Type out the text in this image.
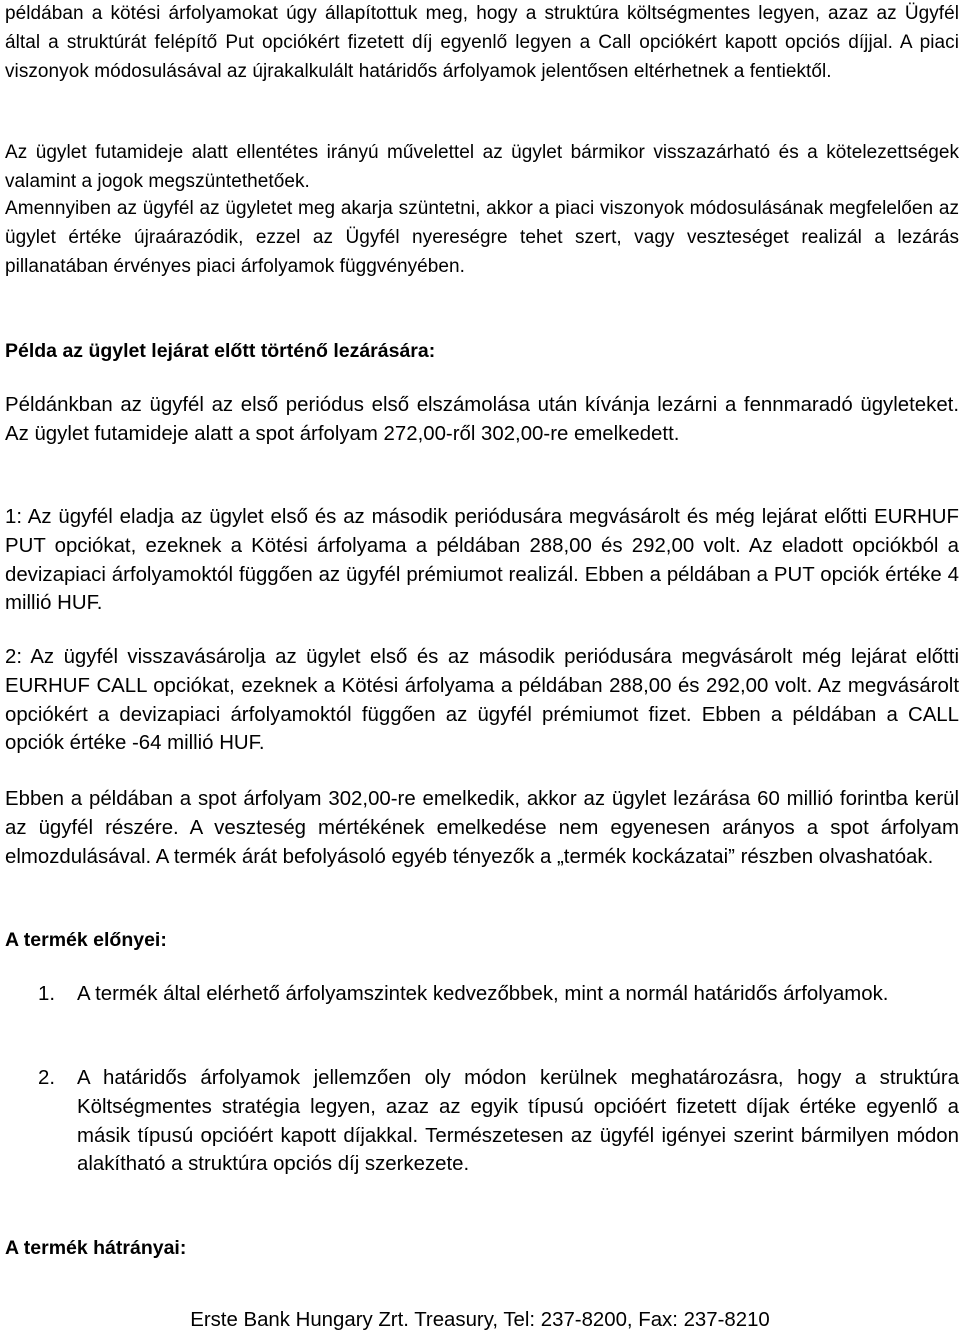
példában a kötési árfolyamokat úgy állapítottuk meg, hogy a struktúra költségmentes legyen, azaz az Ügyfél által a struktúrát felépítő Put opciókért fizetett díj egyenlő legyen a Call opciókért kapott opciós díjjal. A piaci viszonyok módosulásával az újrakalkulált határidős árfolyamok jelentősen eltérhetnek a fentiektől.

Az ügylet futamideje alatt ellentétes irányú művelettel az ügylet bármikor visszazárható és a kötelezettségek valamint a jogok megszüntethetőek.

Amennyiben az ügyfél az ügyletet meg akarja szüntetni, akkor a piaci viszonyok módosulásának megfelelően az ügylet értéke újraárazódik, ezzel az Ügyfél nyereségre tehet szert, vagy veszteséget realizál a lezárás pillanatában érvényes piaci árfolyamok függvényében.

Példa az ügylet lejárat előtt történő lezárására:

Példánkban az ügyfél az első periódus első elszámolása után kívánja lezárni a fennmaradó ügyleteket. Az ügylet futamideje alatt a spot árfolyam 272,00-ről 302,00-re emelkedett.

1: Az ügyfél eladja az ügylet első és az második periódusára megvásárolt és még lejárat előtti EURHUF PUT opciókat, ezeknek a Kötési árfolyama a példában 288,00 és 292,00 volt. Az eladott opciókból a devizapiaci árfolyamoktól függően az ügyfél prémiumot realizál. Ebben a példában a PUT opciók értéke 4 millió HUF.

2: Az ügyfél visszavásárolja az ügylet első és az második periódusára megvásárolt még lejárat előtti EURHUF CALL opciókat, ezeknek a Kötési árfolyama a példában 288,00 és 292,00 volt. Az megvásárolt opciókért a devizapiaci árfolyamoktól függően az ügyfél prémiumot fizet. Ebben a példában a CALL opciók értéke -64 millió HUF.

Ebben a példában a spot árfolyam 302,00-re emelkedik, akkor az ügylet lezárása 60 millió forintba kerül az ügyfél részére. A veszteség mértékének emelkedése nem egyenesen arányos a spot árfolyam elmozdulásával. A termék árát befolyásoló egyéb tényezők a „termék kockázatai” részben olvashatóak.

A termék előnyei:
1. A termék által elérhető árfolyamszintek kedvezőbbek, mint a normál határidős árfolyamok.
2. A határidős árfolyamok jellemzően oly módon kerülnek meghatározásra, hogy a struktúra Költségmentes stratégia legyen, azaz az egyik típusú opcióért fizetett díjak értéke egyenlő a másik típusú opcióért kapott díjakkal. Természetesen az ügyfél igényei szerint bármilyen módon alakítható a struktúra opciós díj szerkezete.
A termék hátrányai:
Erste Bank Hungary Zrt. Treasury, Tel: 237-8200, Fax: 237-8210
